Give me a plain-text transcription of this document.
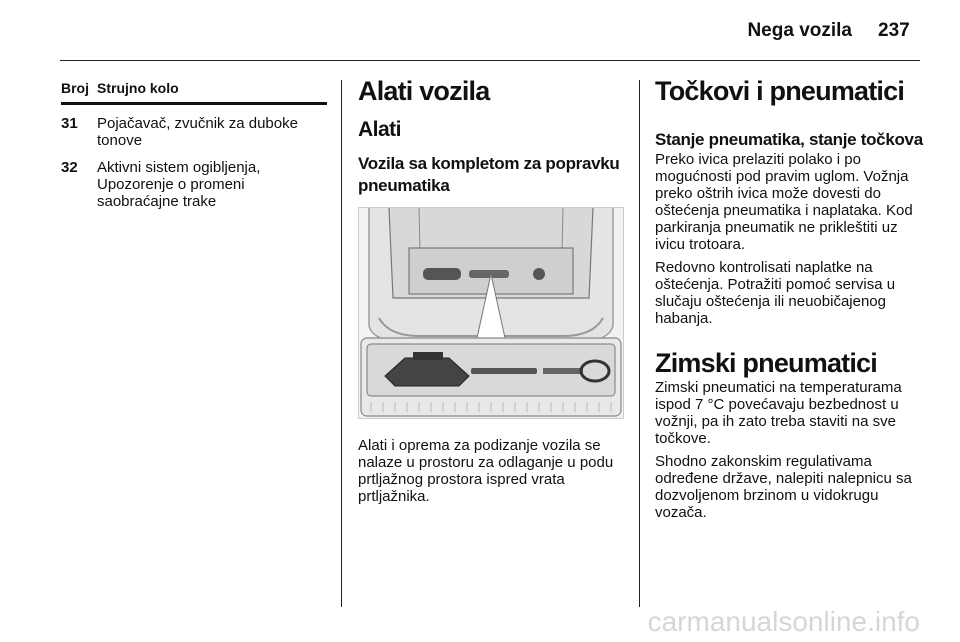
Nega vozila 237
Broj Strujno kolo
31	Pojačavač, zvučnik za duboke tonove
32	Aktivni sistem ogibljenja, Upozorenje o promeni saobraćajne trake
Alati vozila
Alati
Vozila sa kompletom za popravku pneumatika

Alati i oprema za podizanje vozila se nalaze u prostoru za odlaganje u podu prtljažnog prostora ispred vrata prtljažnika.

Točkovi i pneumatici
Stanje pneumatika, stanje točkova

Preko ivica prelaziti polako i po mogućnosti pod pravim uglom. Vožnja preko oštrih ivica može dovesti do oštećenja pneumatika i naplataka. Kod parkiranja pneumatik ne priklеštiti uz ivicu trotoara.

Redovno kontrolisati naplatke na oštećenja. Potražiti pomoć servisa u slučaju oštećenja ili neuobičajenog habanja.

Zimski pneumatici

Zimski pneumatici na temperaturama ispod 7 °C povećavaju bezbednost u vožnji, pa ih zato treba staviti na sve točkove.

Shodno zakonskim regulativama određene države, nalepiti nalepnicu sa dozvoljenom brzinom u vidokrugu vozača.

carmanualsonline.info
